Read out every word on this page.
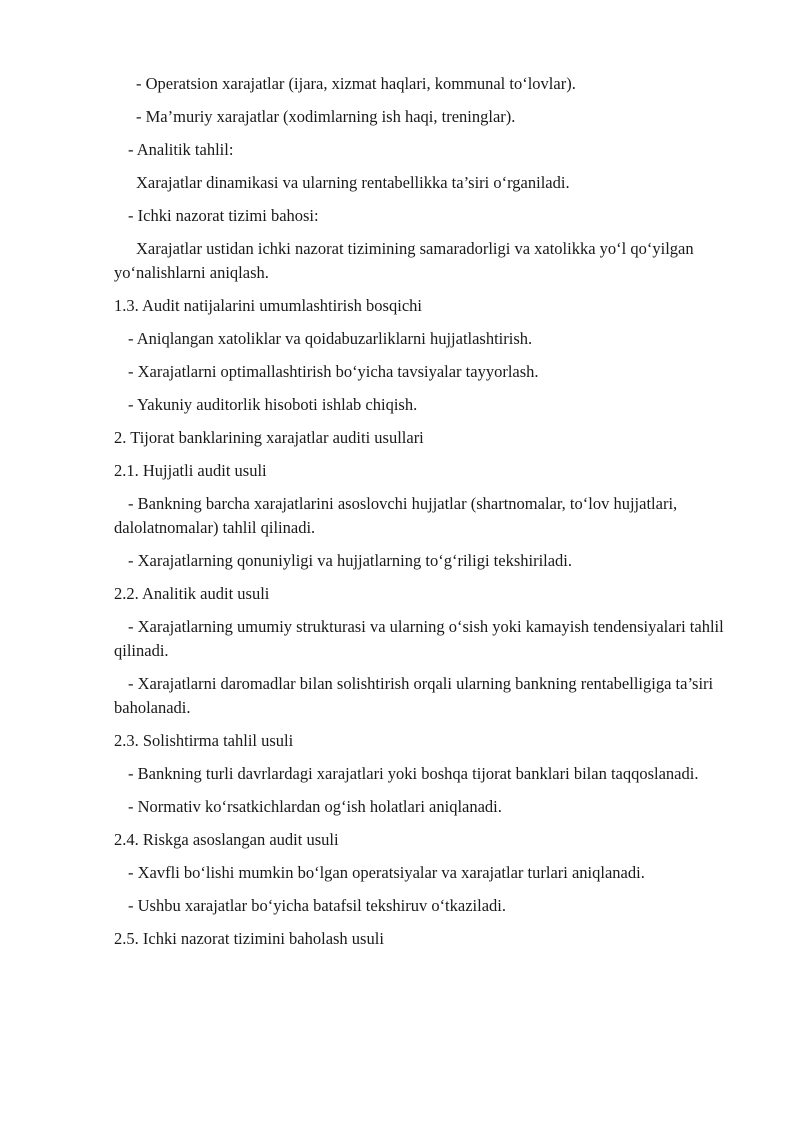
- Operatsion xarajatlar (ijara, xizmat haqlari, kommunal to‘lovlar).

- Ma’muriy xarajatlar (xodimlarning ish haqi, treninglar).

- Analitik tahlil:

Xarajatlar dinamikasi va ularning rentabellikka ta’siri o‘rganiladi.

- Ichki nazorat tizimi bahosi:

Xarajatlar ustidan ichki nazorat tizimining samaradorligi va xatolikka yo‘l qo‘yilgan yo‘nalishlarni aniqlash.

1.3. Audit natijalarini umumlashtirish bosqichi

- Aniqlangan xatoliklar va qoidabuzarliklarni hujjatlashtirish.

- Xarajatlarni optimallashtirish bo‘yicha tavsiyalar tayyorlash.

- Yakuniy auditorlik hisoboti ishlab chiqish.

2. Tijorat banklarining xarajatlar auditi usullari

2.1. Hujjatli audit usuli

- Bankning barcha xarajatlarini asoslovchi hujjatlar (shartnomalar, to‘lov hujjatlari, dalolatnomalar) tahlil qilinadi.

- Xarajatlarning qonuniyligi va hujjatlarning to‘g‘riligi tekshiriladi.

2.2. Analitik audit usuli

- Xarajatlarning umumiy strukturasi va ularning o‘sish yoki kamayish tendensiyalari tahlil qilinadi.

- Xarajatlarni daromadlar bilan solishtirish orqali ularning bankning rentabelligiga ta’siri baholanadi.

2.3. Solishtirma tahlil usuli

- Bankning turli davrlardagi xarajatlari yoki boshqa tijorat banklari bilan taqqoslanadi.

- Normativ ko‘rsatkichlardan og‘ish holatlari aniqlanadi.

2.4. Riskga asoslangan audit usuli

- Xavfli bo‘lishi mumkin bo‘lgan operatsiyalar va xarajatlar turlari aniqlanadi.

- Ushbu xarajatlar bo‘yicha batafsil tekshiruv o‘tkaziladi.

2.5. Ichki nazorat tizimini baholash usuli
